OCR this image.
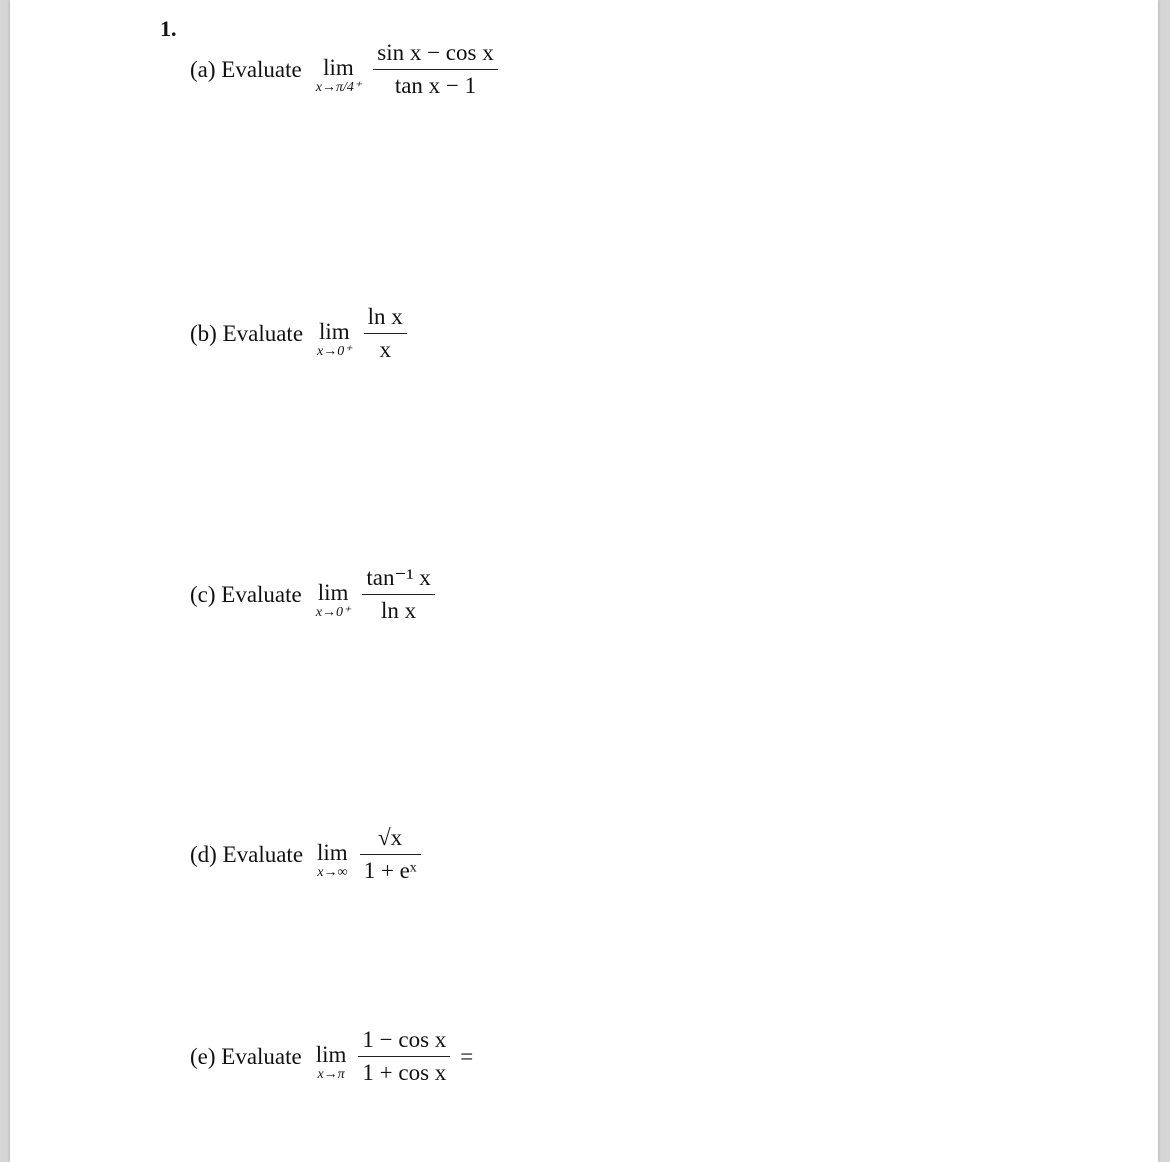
1.
(a) Evaluate lim
$x\to\pi/4^+ \frac{\text{sin x − cos x}}{\text{tan x − 1}}$
(b) Evaluate lim
$x\to 0^+ \frac{\text{ln x}}{x}$
(c) Evaluate lim
$x\to 0^+ \frac{\text{tan⁻¹ x}}{\text{ln x}}$
(d) Evaluate lim
$x\to\infty \frac{√x}{\text{1 + eˣ}}$
(e) Evaluate lim
$x\to\pi \frac{\text{1 − cos x}}{\text{1 + cos x}}$ =
